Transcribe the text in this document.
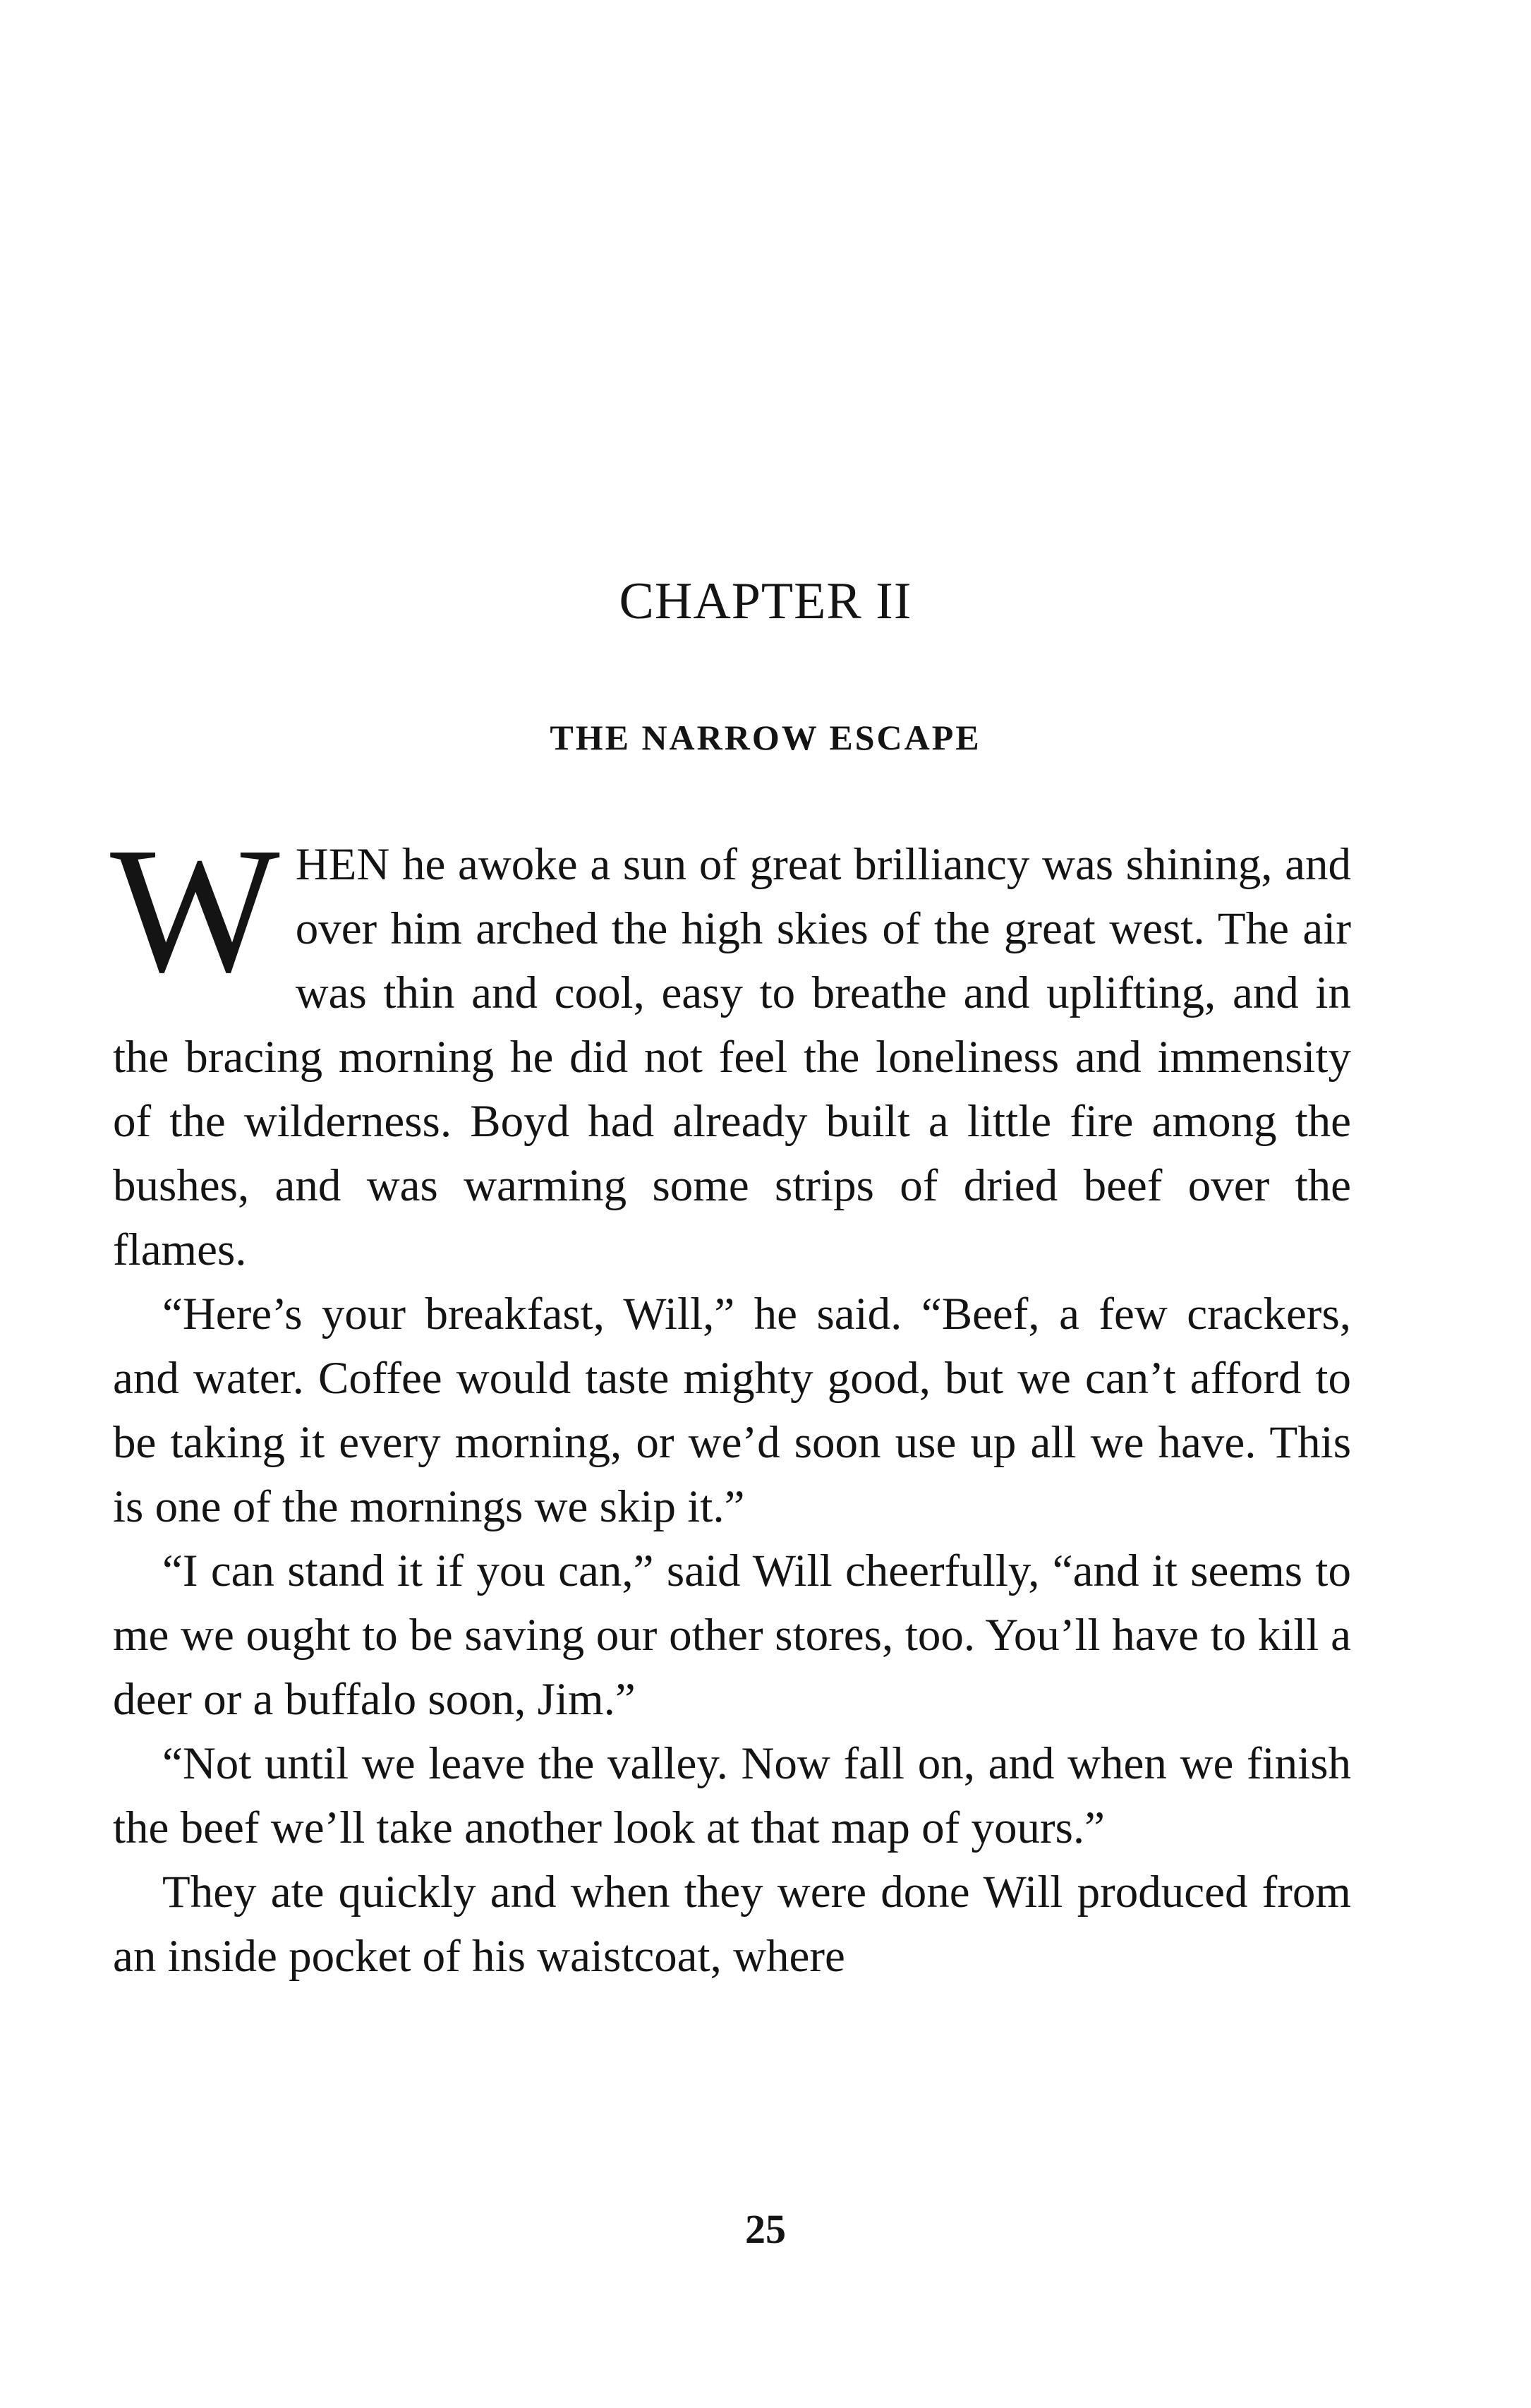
CHAPTER II
THE NARROW ESCAPE

WHEN he awoke a sun of great brilliancy was shining, and over him arched the high skies of the great west. The air was thin and cool, easy to breathe and uplifting, and in the bracing morning he did not feel the loneliness and immensity of the wilderness. Boyd had already built a little fire among the bushes, and was warming some strips of dried beef over the flames.

“Here’s your breakfast, Will,” he said. “Beef, a few crackers, and water. Coffee would taste mighty good, but we can’t afford to be taking it every morning, or we’d soon use up all we have. This is one of the mornings we skip it.”

“I can stand it if you can,” said Will cheerfully, “and it seems to me we ought to be saving our other stores, too. You’ll have to kill a deer or a buffalo soon, Jim.”

“Not until we leave the valley. Now fall on, and when we finish the beef we’ll take another look at that map of yours.”

They ate quickly and when they were done Will produced from an inside pocket of his waistcoat, where

25
